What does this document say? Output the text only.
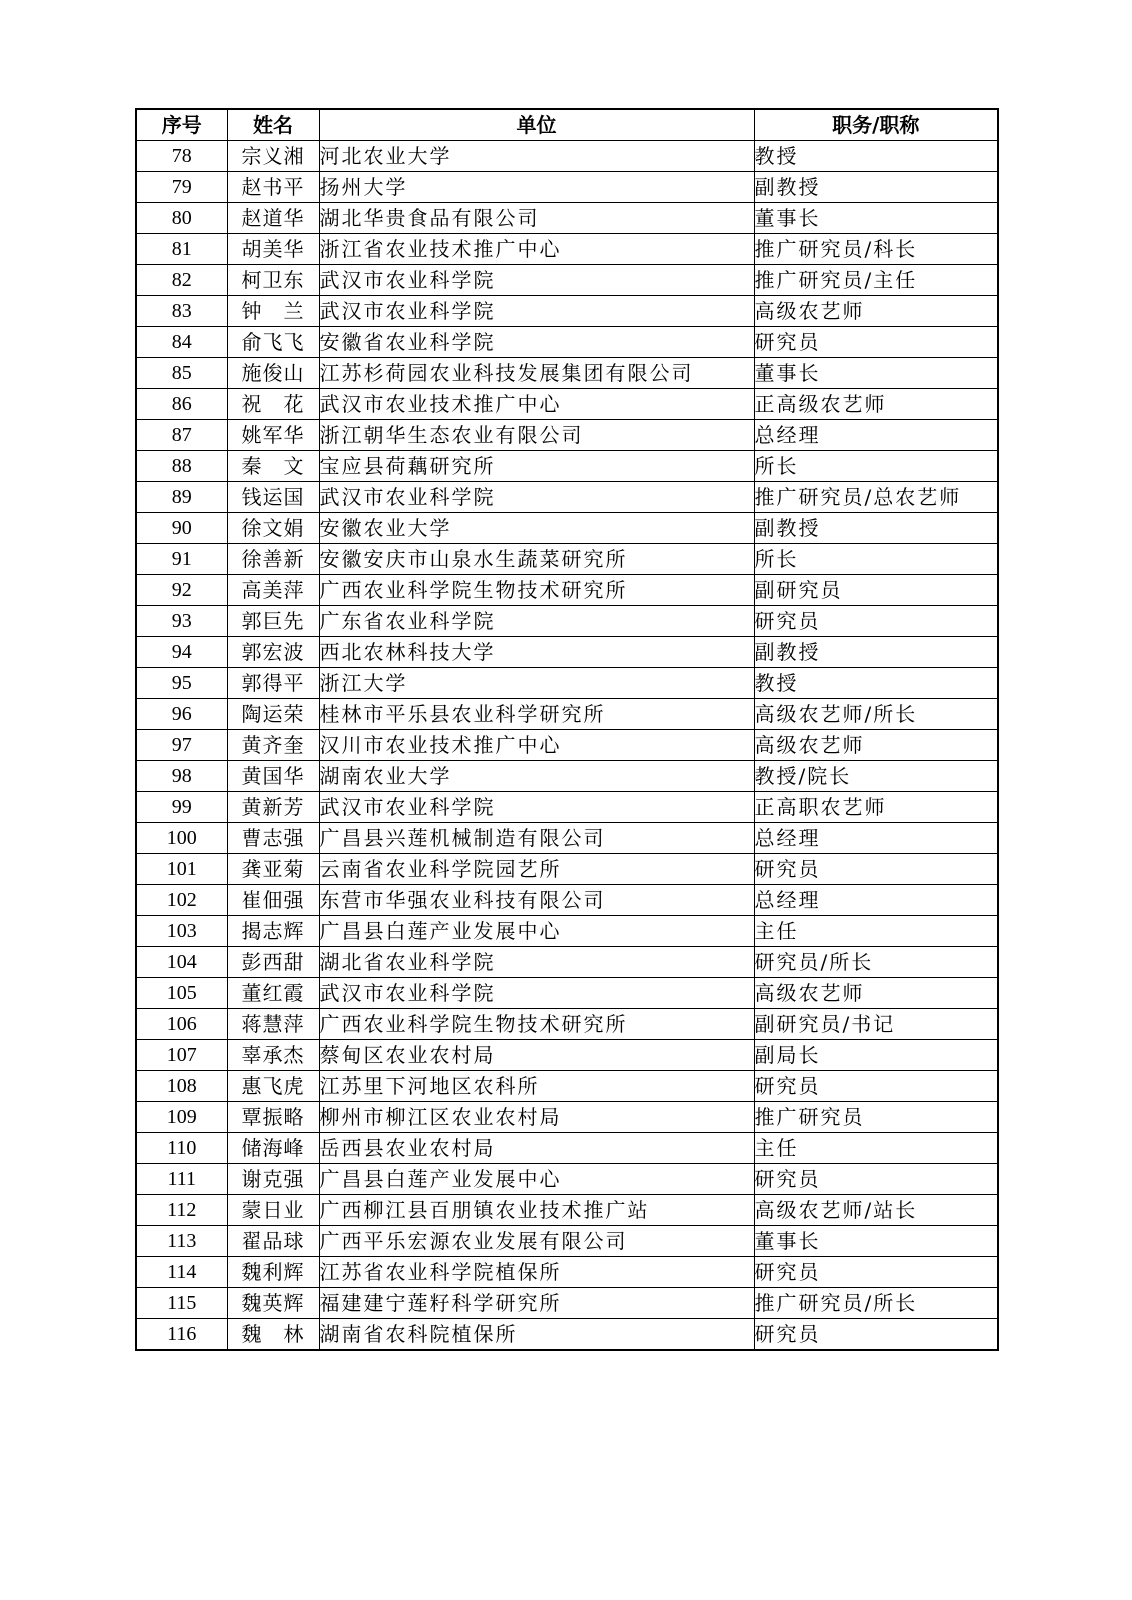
序号	姓名	单位	职务/职称
78	宗义湘	河北农业大学	教授
79	赵书平	扬州大学	副教授
80	赵道华	湖北华贵食品有限公司	董事长
81	胡美华	浙江省农业技术推广中心	推广研究员/科长
82	柯卫东	武汉市农业科学院	推广研究员/主任
83	钟　兰	武汉市农业科学院	高级农艺师
84	俞飞飞	安徽省农业科学院	研究员
85	施俊山	江苏杉荷园农业科技发展集团有限公司	董事长
86	祝　花	武汉市农业技术推广中心	正高级农艺师
87	姚军华	浙江朝华生态农业有限公司	总经理
88	秦　文	宝应县荷藕研究所	所长
89	钱运国	武汉市农业科学院	推广研究员/总农艺师
90	徐文娟	安徽农业大学	副教授
91	徐善新	安徽安庆市山泉水生蔬菜研究所	所长
92	高美萍	广西农业科学院生物技术研究所	副研究员
93	郭巨先	广东省农业科学院	研究员
94	郭宏波	西北农林科技大学	副教授
95	郭得平	浙江大学	教授
96	陶运荣	桂林市平乐县农业科学研究所	高级农艺师/所长
97	黄齐奎	汉川市农业技术推广中心	高级农艺师
98	黄国华	湖南农业大学	教授/院长
99	黄新芳	武汉市农业科学院	正高职农艺师
100	曹志强	广昌县兴莲机械制造有限公司	总经理
101	龚亚菊	云南省农业科学院园艺所	研究员
102	崔佃强	东营市华强农业科技有限公司	总经理
103	揭志辉	广昌县白莲产业发展中心	主任
104	彭西甜	湖北省农业科学院	研究员/所长
105	董红霞	武汉市农业科学院	高级农艺师
106	蒋慧萍	广西农业科学院生物技术研究所	副研究员/书记
107	辜承杰	蔡甸区农业农村局	副局长
108	惠飞虎	江苏里下河地区农科所	研究员
109	覃振略	柳州市柳江区农业农村局	推广研究员
110	储海峰	岳西县农业农村局	主任
111	谢克强	广昌县白莲产业发展中心	研究员
112	蒙日业	广西柳江县百朋镇农业技术推广站	高级农艺师/站长
113	翟品球	广西平乐宏源农业发展有限公司	董事长
114	魏利辉	江苏省农业科学院植保所	研究员
115	魏英辉	福建建宁莲籽科学研究所	推广研究员/所长
116	魏　林	湖南省农科院植保所	研究员
